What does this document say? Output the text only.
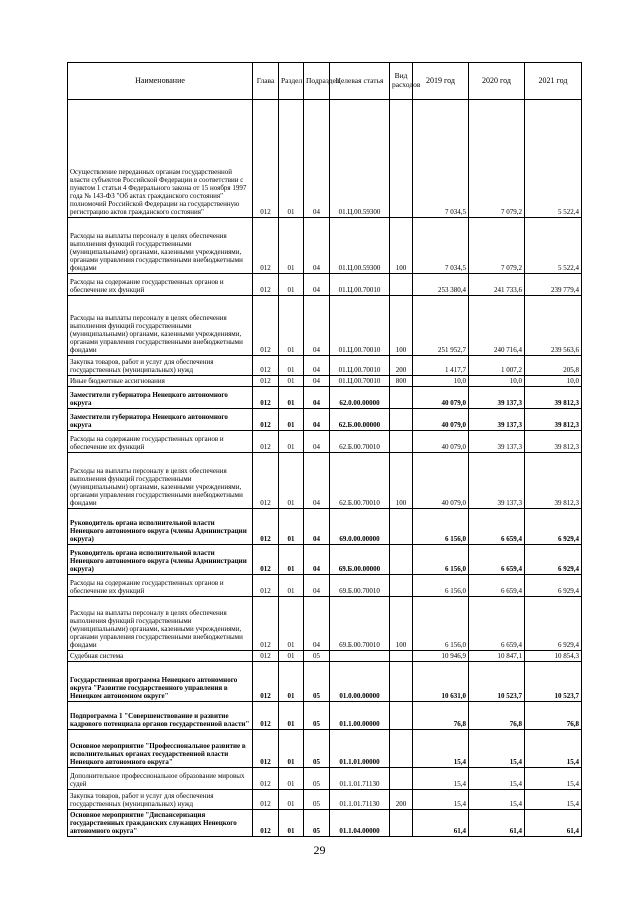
Наименование	Глава	Раздел	Подраздел	Целевая статья	Вид расходов	2019 год	2020 год	2021 год
Осуществление переданных органам государственной власти субъектов Российской Федерации в соответствии с пунктом 1 статьи 4 Федерального закона от 15 ноября 1997 года № 143-ФЗ "Об актах гражданского состояния" полномочий Российской Федерации на государственную регистрацию актов гражданского состояния"	012	01	04	01.Ц.00.59300		7 034,5	7 079,2	5 522,4
Расходы на выплаты персоналу в целях обеспечения выполнения функций государственными (муниципальными) органами, казенными учреждениями, органами управления государственными внебюджетными фондами	012	01	04	01.Ц.00.59300	100	7 034,5	7 079,2	5 522,4
Расходы на содержание государственных органов и обеспечение их функций	012	01	04	01.Ц.00.70010		253 380,4	241 733,6	239 779,4
Расходы на выплаты персоналу в целях обеспечения выполнения функций государственными (муниципальными) органами, казенными учреждениями, органами управления государственными внебюджетными фондами	012	01	04	01.Ц.00.70010	100	251 952,7	240 716,4	239 563,6
Закупка товаров, работ и услуг для обеспечения государственных (муниципальных) нужд	012	01	04	01.Ц.00.70010	200	1 417,7	1 007,2	205,8
Иные бюджетные ассигнования	012	01	04	01.Ц.00.70010	800	10,0	10,0	10,0
Заместители губернатора Ненецкого автономного округа	012	01	04	62.0.00.00000		40 079,0	39 137,3	39 812,3
Заместители губернатора Ненецкого автономного округа	012	01	04	62.Б.00.00000		40 079,0	39 137,3	39 812,3
Расходы на содержание государственных органов и обеспечение их функций	012	01	04	62.Б.00.70010		40 079,0	39 137,3	39 812,3
Расходы на выплаты персоналу в целях обеспечения выполнения функций государственными (муниципальными) органами, казенными учреждениями, органами управления государственными внебюджетными фондами	012	01	04	62.Б.00.70010	100	40 079,0	39 137,3	39 812,3
Руководитель органа исполнительной власти Ненецкого автономного округа (члены Администрации округа)	012	01	04	69.0.00.00000		6 156,0	6 659,4	6 929,4
Руководитель органа исполнительной власти Ненецкого автономного округа (члены Администрации округа)	012	01	04	69.Б.00.00000		6 156,0	6 659,4	6 929,4
Расходы на содержание государственных органов и обеспечение их функций	012	01	04	69.Б.00.70010		6 156,0	6 659,4	6 929,4
Расходы на выплаты персоналу в целях обеспечения выполнения функций государственными (муниципальными) органами, казенными учреждениями, органами управления государственными внебюджетными фондами	012	01	04	69.Б.00.70010	100	6 156,0	6 659,4	6 929,4
Судебная система	012	01	05			10 946,9	10 847,1	10 854,3
Государственная программа Ненецкого автономного округа "Развитие государственного управления в Ненецком автономном округе"	012	01	05	01.0.00.00000		10 631,0	10 523,7	10 523,7
Подпрограмма 1 "Совершенствование и развитие кадрового потенциала органов государственной власти"	012	01	05	01.1.00.00000		76,8	76,8	76,8
Основное мероприятие "Профессиональное развитие в исполнительных органах государственной власти Ненецкого автономного округа"	012	01	05	01.1.01.00000		15,4	15,4	15,4
Дополнительное профессиональное образование мировых судей	012	01	05	01.1.01.71130		15,4	15,4	15,4
Закупка товаров, работ и услуг для обеспечения государственных (муниципальных) нужд	012	01	05	01.1.01.71130	200	15,4	15,4	15,4
Основное мероприятие "Диспансеризация государственных гражданских служащих Ненецкого автономного округа"	012	01	05	01.1.04.00000		61,4	61,4	61,4
29
